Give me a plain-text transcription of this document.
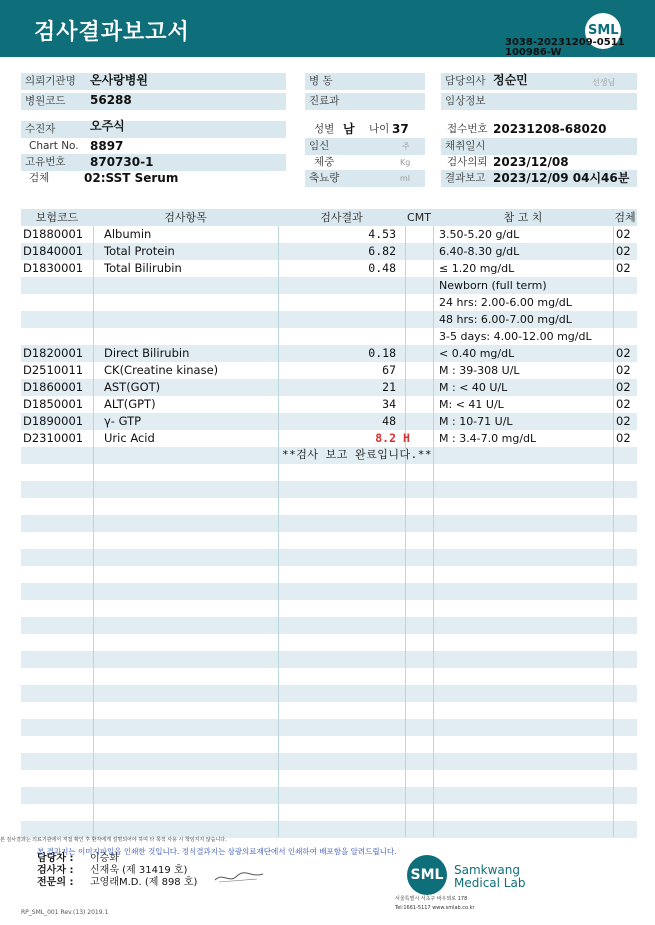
검사결과보고서	SML
3038-20231209-0511
100986-W
의뢰기관명	온사랑병원
병원코드	56288
병 동
진료과
담당의사 정순민	선생님
임상정보
수진자	오주식
Chart No. 8897
고유번호	870730-1
검체	02:SST Serum
성별 남	나이 37
임신	주
체중	Kg
축뇨량	ml
접수번호 20231208-68020
채취일시
검사의뢰 2023/12/08
결과보고 2023/12/09 04시46분
보험코드	검사항목	검사결과	CMT	참 고 치	검체
D1880001 Albumin	4.53	3.50-5.20 g/dL	02
D1840001 Total Protein	6.82	6.40-8.30 g/dL	02
D1830001 Total Bilirubin	0.48	≤ 1.20 mg/dL	02
Newborn (full term)
24 hrs: 2.00-6.00 mg/dL
48 hrs: 6.00-7.00 mg/dL
3-5 days: 4.00-12.00 mg/dL
D1820001 Direct Bilirubin	0.18	< 0.40 mg/dL	02
D2510011 CK(Creatine kinase)	67	M : 39-308 U/L	02
D1860001 AST(GOT)	21	M : < 40 U/L	02
D1850001 ALT(GPT)	34	M: < 41 U/L	02
D1890001 γ- GTP	48	M : 10-71 U/L	02
D2310001 Uric Acid	8.2 H	M : 3.4-7.0 mg/dL	02
**검사 보고 완료입니다.**
본 검사결과는 의료기관에서 직접 확인 후 환자에게 설명되어야 하며 타 목적 사용 시 책임지지 않습니다.
본 결과지는 이미지파일을 인쇄한 것입니다. 정식결과지는 삼광의료재단에서 인쇄하여 배포함을 알려드립니다.
담당자 : 이승화
검사자 : 신재욱 (제 31419 호)
전문의 : 고영래M.D. (제 898 호)	SML Samkwang
Medical Lab
서울특별시 서초구 바우뫼로 178
Tel:1661-5117 www.smlab.co.kr
RP_SML_001 Rev.(13) 2019.1
